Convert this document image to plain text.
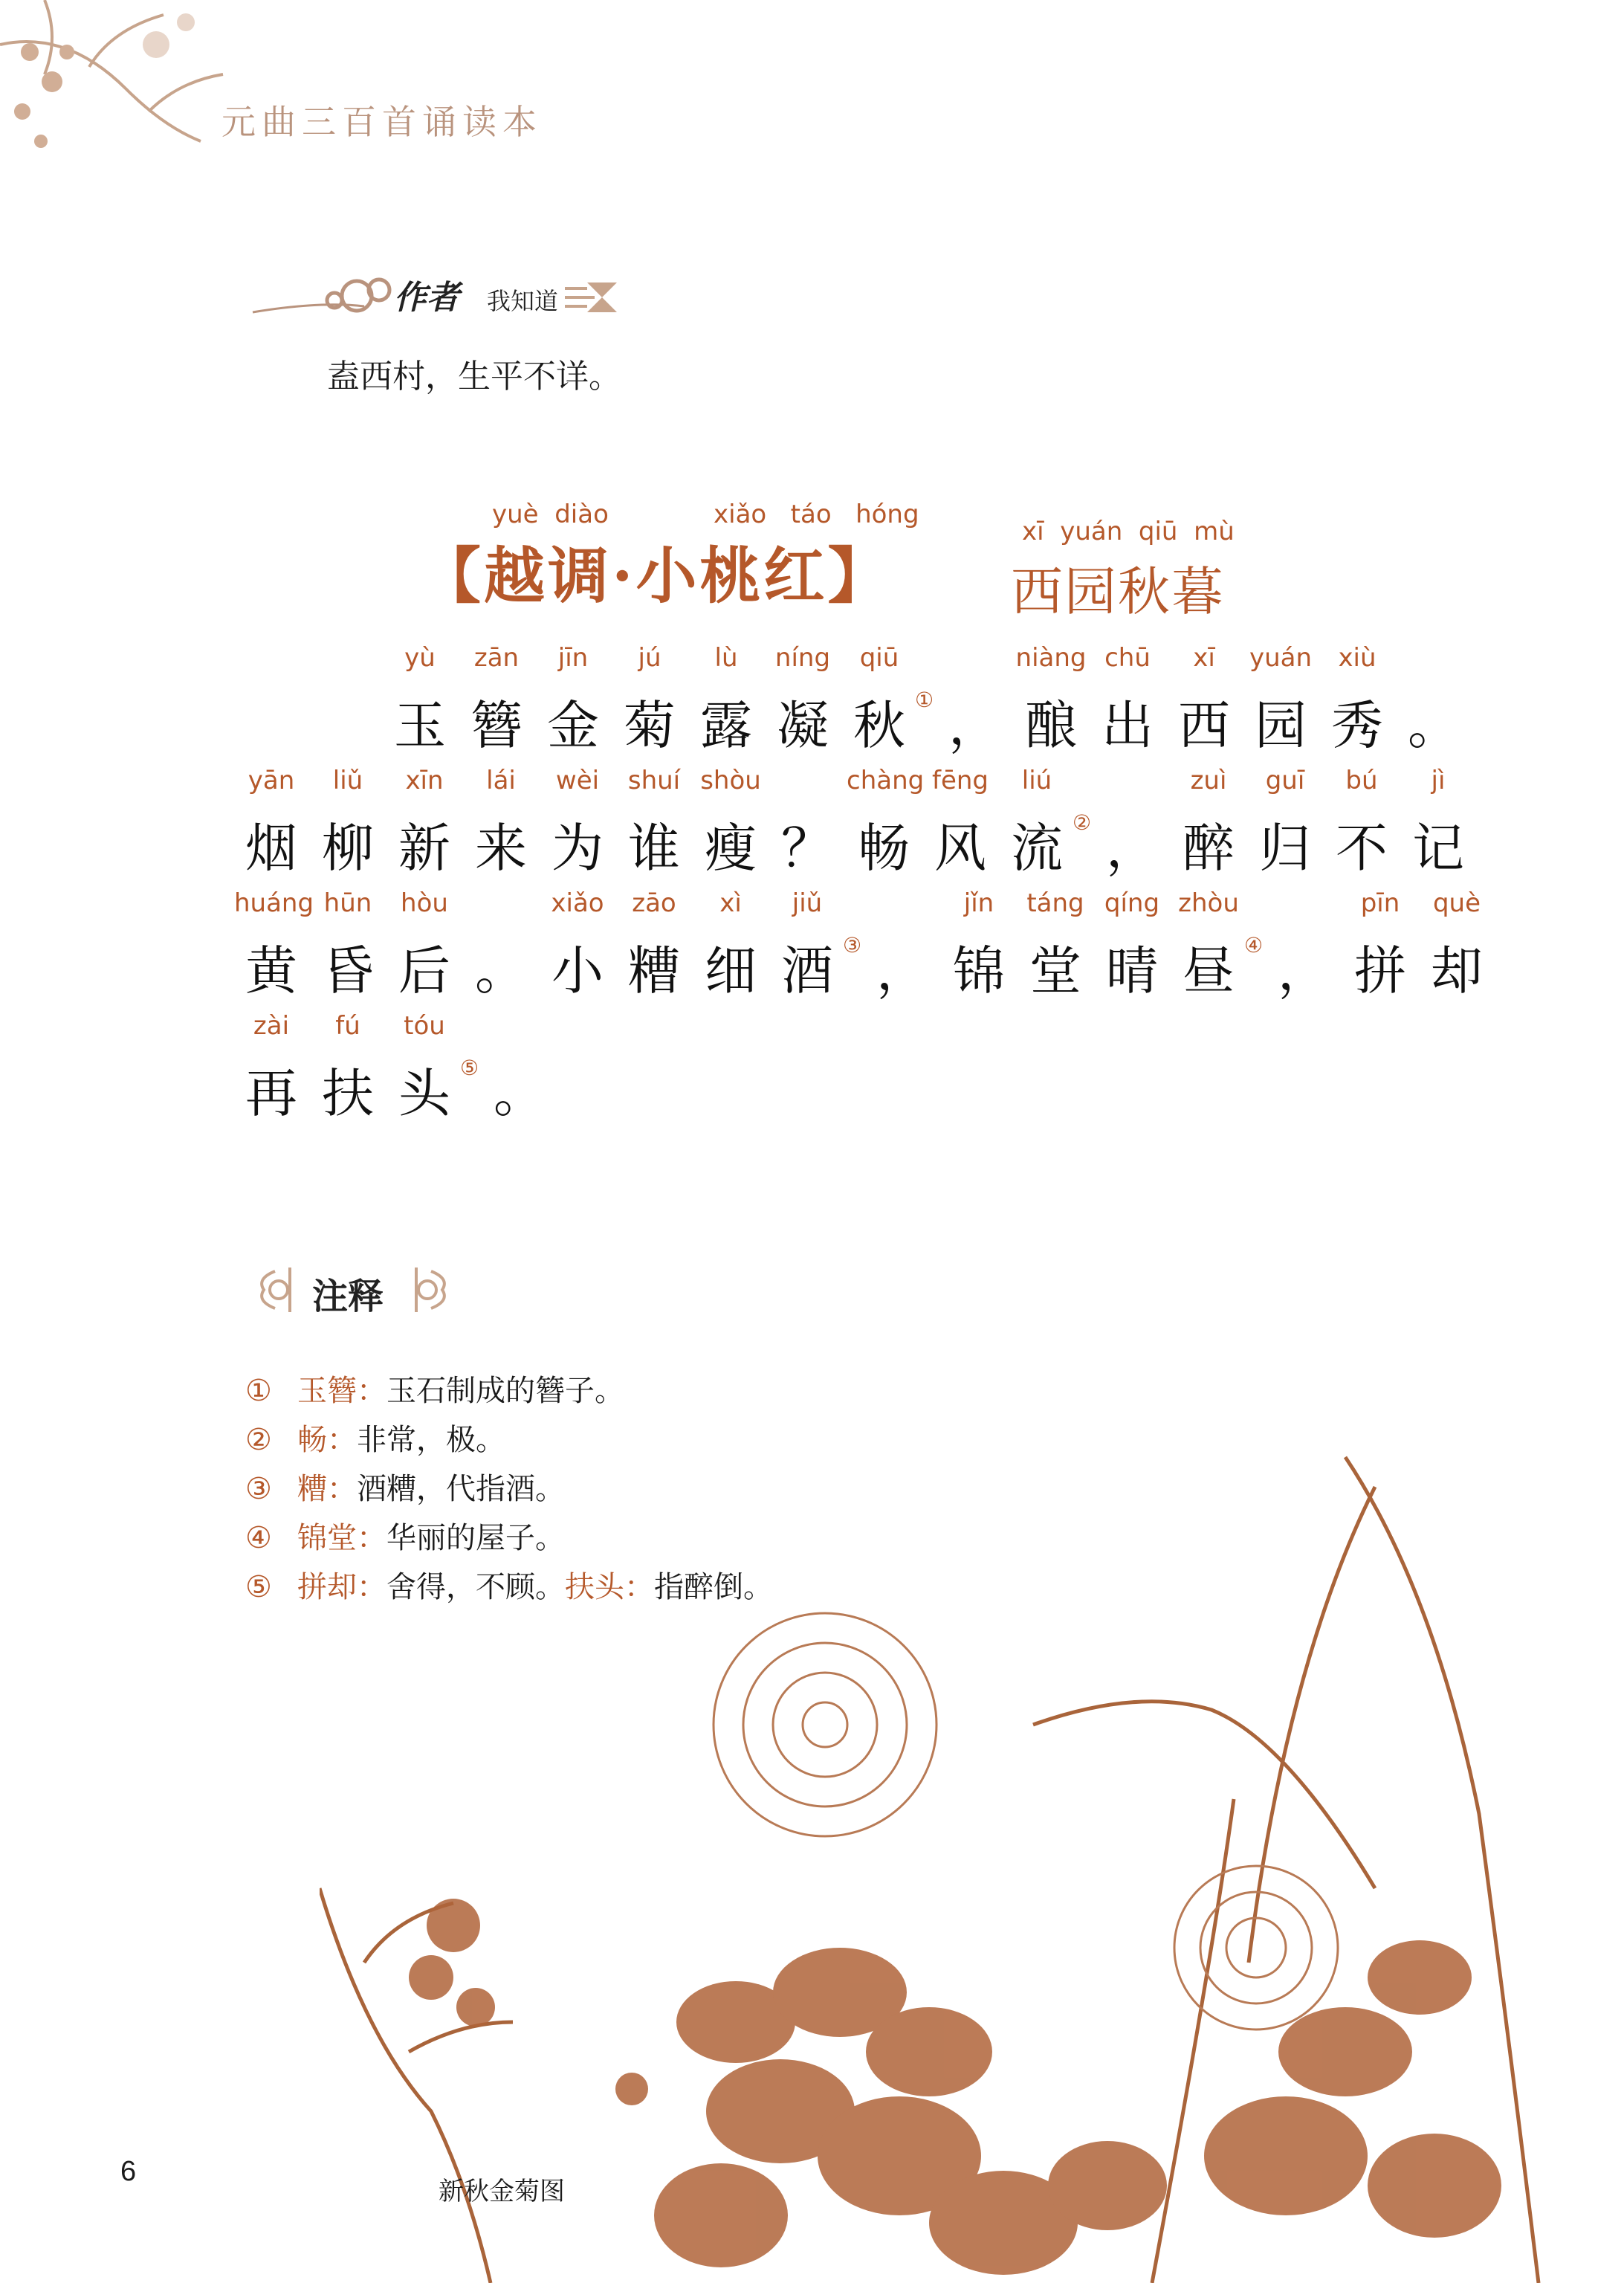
元曲三百首诵读本
作者 我知道
盍西村，生平不详。
yuè diào	xiǎo táo hóng
【越调·小桃红】
xī yuán qiū mù
西园秋暮
yù
玉
zān
簪
jīn
金
jú
菊
lù
露
níng
凝
qiū
秋 ① ，
niàng
酿
chū
出
xī
西
yuán
园
xiù
秀 。
yān
烟
liǔ
柳
xīn
新
lái
来
wèi
为
shuí
谁
shòu
瘦 ？
chàng
畅
fēng
风
liú
流 ② ，
zuì
醉
guī
归
bú
不
jì
记
huáng
黄
hūn
昏
hòu
后 。
xiǎo
小
zāo
糟
xì
细
jiǔ
酒 ③ ，
jǐn
锦
táng
堂
qíng
晴
zhòu
昼 ④ ，
pīn
拼
què
却
zài
再
fú
扶
tóu
头 ⑤ 。
注释
① 玉簪：玉石制成的簪子。
② 畅：非常，极。
③ 糟：酒糟，代指酒。
④ 锦堂：华丽的屋子。
⑤ 拼却：舍得，不顾。扶头：指醉倒。
6
新秋金菊图
